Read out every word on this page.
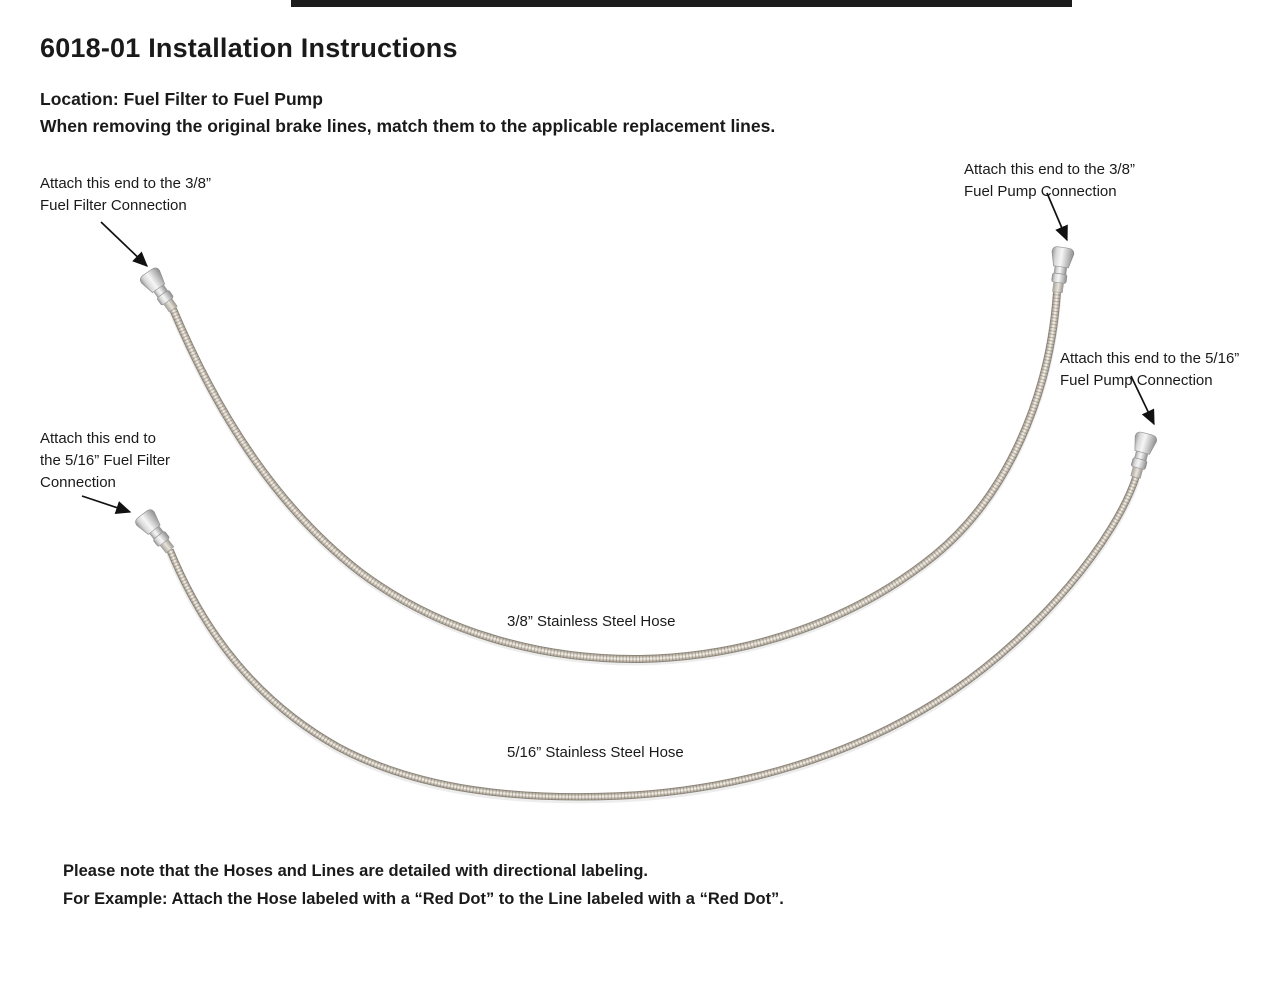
6018-01 Installation Instructions
Location: Fuel Filter to Fuel Pump
When removing the original brake lines, match them to the applicable replacement lines.
Attach this end to the 3/8”
Fuel Filter Connection
Attach this end to the 3/8”
Fuel Pump Connection
Attach this end to the 5/16”
Fuel Pump Connection
Attach this end to
the 5/16” Fuel Filter
Connection
3/8” Stainless Steel Hose
5/16” Stainless Steel Hose
Please note that the Hoses and Lines are detailed with directional labeling.
For Example: Attach the Hose labeled with a “Red Dot” to the Line labeled with a “Red Dot”.
